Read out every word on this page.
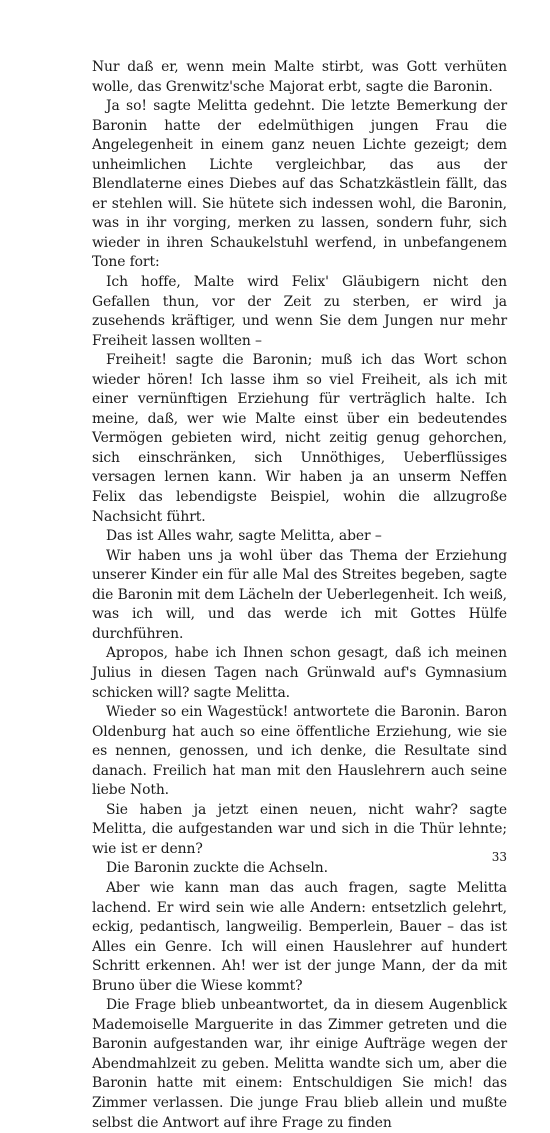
Nur daß er, wenn mein Malte stirbt, was Gott verhüten wolle, das Grenwitz'sche Majorat erbt, sagte die Baronin.

Ja so! sagte Melitta gedehnt. Die letzte Bemerkung der Baronin hatte der edelmüthigen jungen Frau die Angelegenheit in einem ganz neuen Lichte gezeigt; dem unheimlichen Lichte vergleichbar, das aus der Blendlaterne eines Diebes auf das Schatzkästlein fällt, das er stehlen will. Sie hütete sich indessen wohl, die Baronin, was in ihr vorging, merken zu lassen, sondern fuhr, sich wieder in ihren Schaukelstuhl werfend, in unbefangenem Tone fort:

Ich hoffe, Malte wird Felix' Gläubigern nicht den Gefallen thun, vor der Zeit zu sterben, er wird ja zusehends kräftiger, und wenn Sie dem Jungen nur mehr Freiheit lassen wollten –

Freiheit! sagte die Baronin; muß ich das Wort schon wieder hören! Ich lasse ihm so viel Freiheit, als ich mit einer vernünftigen Erziehung für verträglich halte. Ich meine, daß, wer wie Malte einst über ein bedeutendes Vermögen gebieten wird, nicht zeitig genug gehorchen, sich einschränken, sich Unnöthiges, Ueberflüssiges versagen lernen kann. Wir haben ja an unserm Neffen Felix das lebendigste Beispiel, wohin die allzugroße Nachsicht führt.

Das ist Alles wahr, sagte Melitta, aber –

Wir haben uns ja wohl über das Thema der Erziehung unserer Kinder ein für alle Mal des Streites begeben, sagte die Baronin mit dem Lächeln der Ueberlegenheit. Ich weiß, was ich will, und das werde ich mit Gottes Hülfe durchführen.

Apropos, habe ich Ihnen schon gesagt, daß ich meinen Julius in diesen Tagen nach Grünwald auf's Gymnasium schicken will? sagte Melitta.

Wieder so ein Wagestück! antwortete die Baronin. Baron Oldenburg hat auch so eine öffentliche Erziehung, wie sie es nennen, genossen, und ich denke, die Resultate sind danach. Freilich hat man mit den Hauslehrern auch seine liebe Noth.

Sie haben ja jetzt einen neuen, nicht wahr? sagte Melitta, die aufgestanden war und sich in die Thür lehnte; wie ist er denn?

Die Baronin zuckte die Achseln.

Aber wie kann man das auch fragen, sagte Melitta lachend. Er wird sein wie alle Andern: entsetzlich gelehrt, eckig, pedantisch, langweilig. Bemperlein, Bauer – das ist Alles ein Genre. Ich will einen Hauslehrer auf hundert Schritt erkennen. Ah! wer ist der junge Mann, der da mit Bruno über die Wiese kommt?

Die Frage blieb unbeantwortet, da in diesem Augenblick Mademoiselle Marguerite in das Zimmer getreten und die Baronin aufgestanden war, ihr einige Aufträge wegen der Abendmahlzeit zu geben. Melitta wandte sich um, aber die Baronin hatte mit einem: Entschuldigen Sie mich! das Zimmer verlassen. Die junge Frau blieb allein und mußte selbst die Antwort auf ihre Frage zu finden

33
